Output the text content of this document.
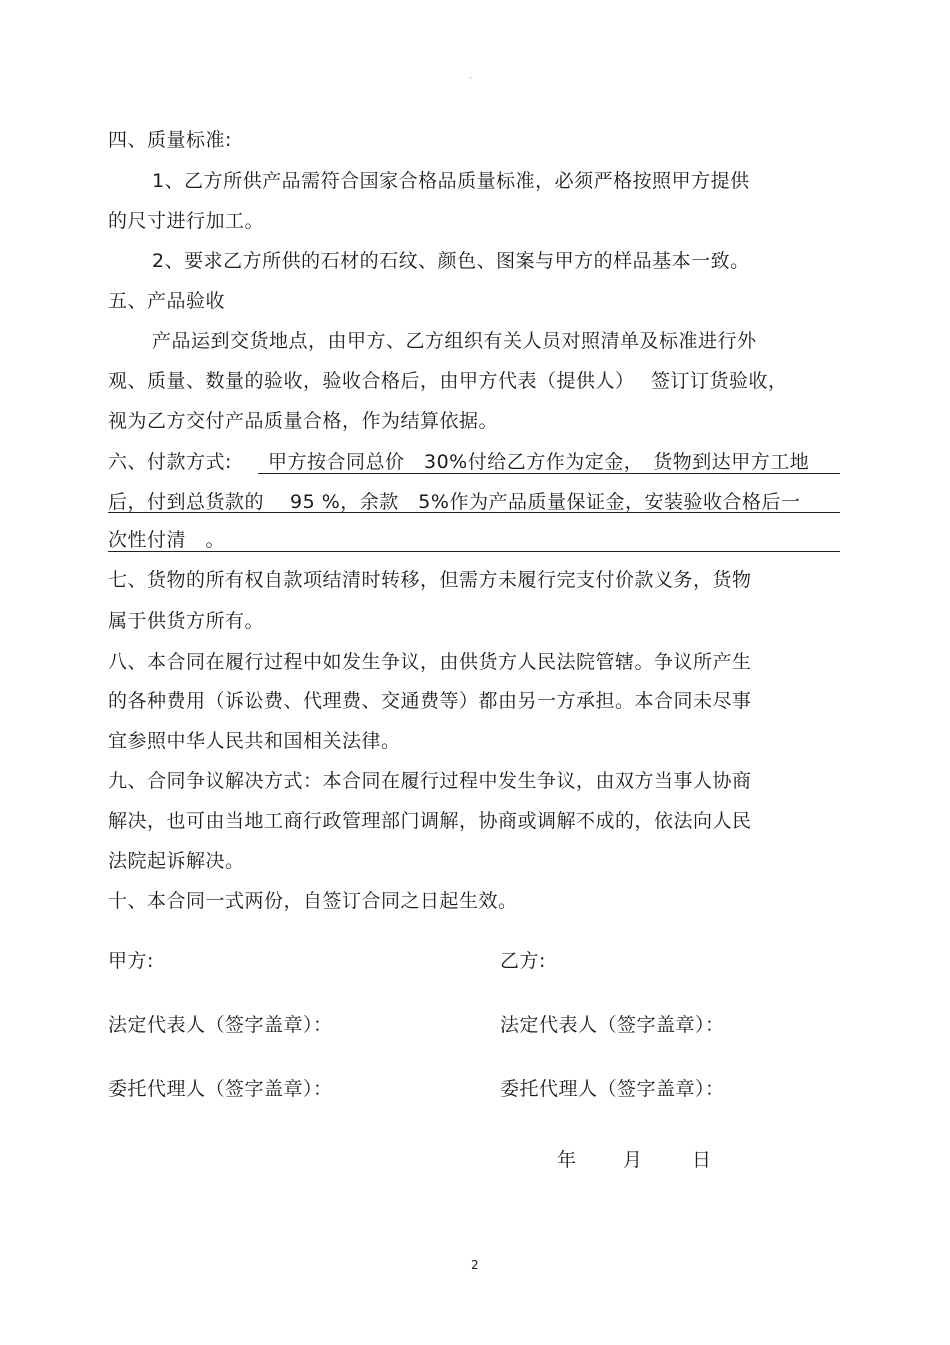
。
四、质量标准:
1、乙方所供产品需符合国家合格品质量标准，必须严格按照甲方提供
的尺寸进行加工。
2、要求乙方所供的石材的石纹、颜色、图案与甲方的样品基本一致。
五、产品验收
产品运到交货地点，由甲方、乙方组织有关人员对照清单及标准进行外
观、质量、数量的验收，验收合格后，由甲方代表（提供人）　 签订订货验收，
视为乙方交付产品质量合格，作为结算依据。
六、付款方式: 甲方按合同总价　30%付给乙方作为定金，　货物到达甲方工地
后，付到总货款的　 95 %，余款　5%作为产品质量保证金，安装验收合格后一
次性付清　。
七、货物的所有权自款项结清时转移，但需方未履行完支付价款义务，货物
属于供货方所有。
八、本合同在履行过程中如发生争议，由供货方人民法院管辖。争议所产生
的各种费用（诉讼费、代理费、交通费等）都由另一方承担。本合同未尽事
宜参照中华人民共和国相关法律。
九、合同争议解决方式：本合同在履行过程中发生争议，由双方当事人协商
解决，也可由当地工商行政管理部门调解，协商或调解不成的，依法向人民
法院起诉解决。
十、本合同一式两份，自签订合同之日起生效。
甲方:	乙方:
法定代表人（签字盖章）：	法定代表人（签字盖章）：
委托代理人（签字盖章）：	委托代理人（签字盖章）：
年 月	日
2
